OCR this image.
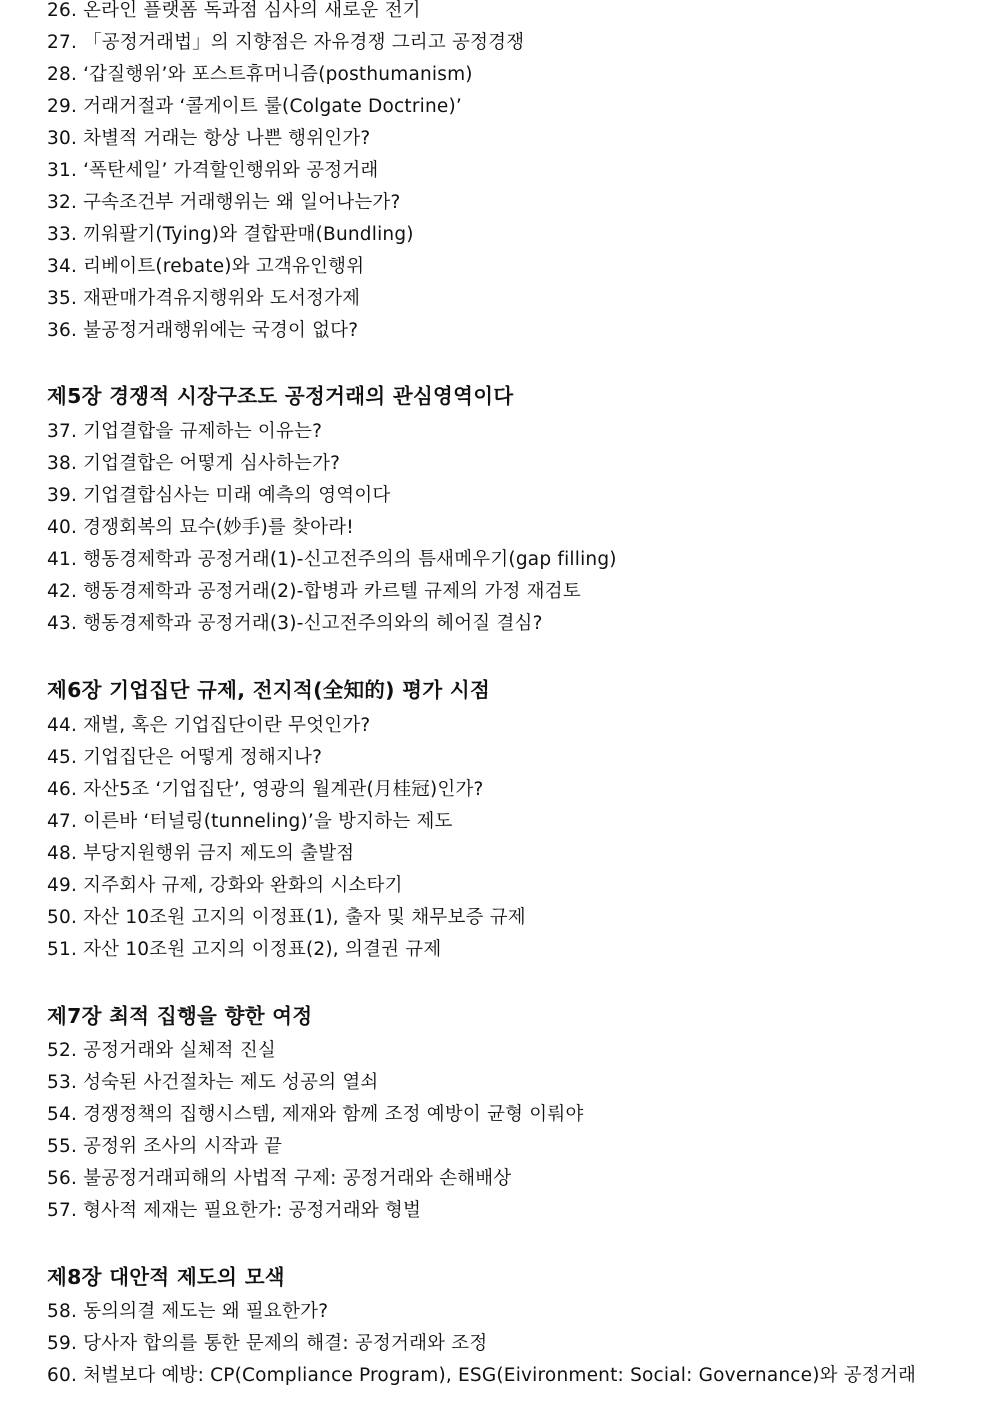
26. 온라인 플랫폼 독과점 심사의 새로운 전기
27. 「공정거래법」의 지향점은 자유경쟁 그리고 공정경쟁
28. ‘갑질행위’와 포스트휴머니즘(posthumanism)
29. 거래거절과 ‘콜게이트 룰(Colgate Doctrine)’
30. 차별적 거래는 항상 나쁜 행위인가?
31. ‘폭탄세일’ 가격할인행위와 공정거래
32. 구속조건부 거래행위는 왜 일어나는가?
33. 끼워팔기(Tying)와 결합판매(Bundling)
34. 리베이트(rebate)와 고객유인행위
35. 재판매가격유지행위와 도서정가제
36. 불공정거래행위에는 국경이 없다?
제5장 경쟁적 시장구조도 공정거래의 관심영역이다
37. 기업결합을 규제하는 이유는?
38. 기업결합은 어떻게 심사하는가?
39. 기업결합심사는 미래 예측의 영역이다
40. 경쟁회복의 묘수(妙手)를 찾아라!
41. 행동경제학과 공정거래(1)-신고전주의의 틈새메우기(gap filling)
42. 행동경제학과 공정거래(2)-합병과 카르텔 규제의 가정 재검토
43. 행동경제학과 공정거래(3)-신고전주의와의 헤어질 결심?
제6장 기업집단 규제, 전지적(全知的) 평가 시점
44. 재벌, 혹은 기업집단이란 무엇인가?
45. 기업집단은 어떻게 정해지나?
46. 자산5조 ‘기업집단’, 영광의 월계관(月桂冠)인가?
47. 이른바 ‘터널링(tunneling)’을 방지하는 제도
48. 부당지원행위 금지 제도의 출발점
49. 지주회사 규제, 강화와 완화의 시소타기
50. 자산 10조원 고지의 이정표(1), 출자 및 채무보증 규제
51. 자산 10조원 고지의 이정표(2), 의결권 규제
제7장 최적 집행을 향한 여정
52. 공정거래와 실체적 진실
53. 성숙된 사건절차는 제도 성공의 열쇠
54. 경쟁정책의 집행시스템, 제재와 함께 조정 예방이 균형 이뤄야
55. 공정위 조사의 시작과 끝
56. 불공정거래피해의 사법적 구제: 공정거래와 손해배상
57. 형사적 제재는 필요한가: 공정거래와 형벌
제8장 대안적 제도의 모색
58. 동의의결 제도는 왜 필요한가?
59. 당사자 합의를 통한 문제의 해결: 공정거래와 조정
60. 처벌보다 예방: CP(Compliance Program), ESG(Eivironment: Social: Governance)와 공정거래
